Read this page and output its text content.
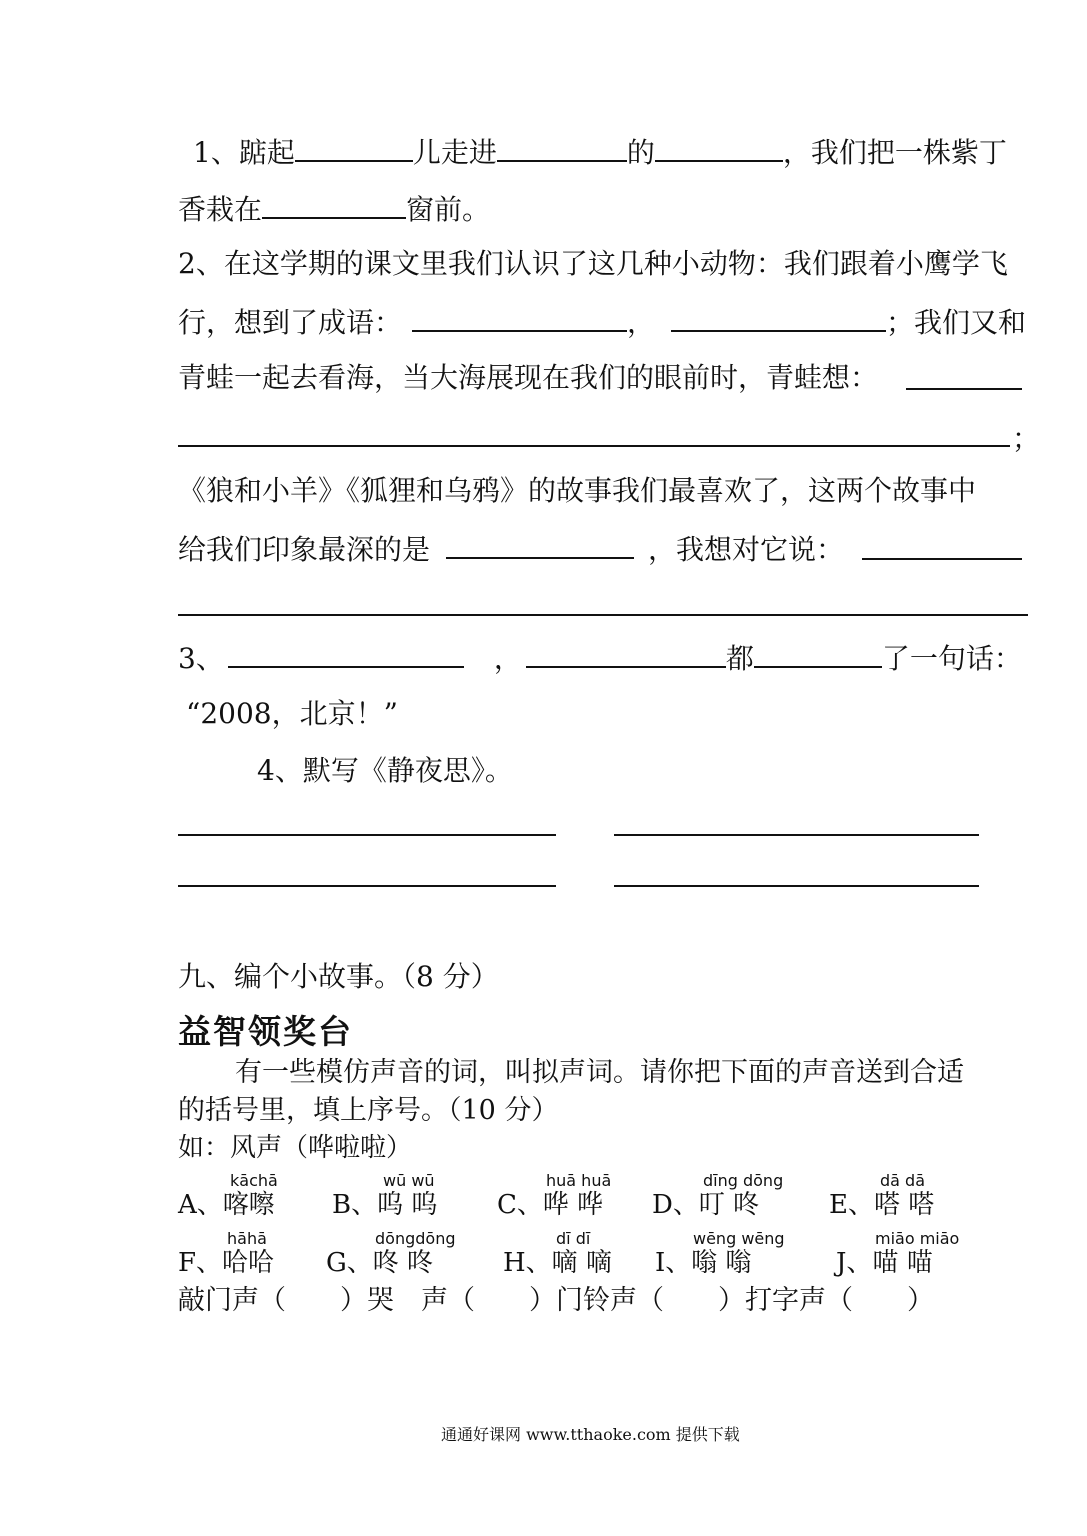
1、踮起	儿走进	的	，我们把一株紫丁
香栽在	窗前。
2、在这学期的课文里我们认识了这几种小动物：我们跟着小鹰学飞
行，想到了成语：	，	；我们又和
青蛙一起去看海，当大海展现在我们的眼前时，青蛙想：
；
《狼和小羊》《狐狸和乌鸦》的故事我们最喜欢了，这两个故事中
给我们印象最深的是	，我想对它说：
3、	，	都	了一句话：
“2008，北京！”
4、默写《静夜思》。
九、编个小故事。（8 分）
益智领奖台
有一些模仿声音的词，叫拟声词。请你把下面的声音送到合适
的括号里，填上序号。（10 分）
如：风声（哗啦啦）
kāchā
A、喀嚓
wū wū
B、呜 呜
huā huā
C、哗 哗
dīng dōng
D、叮 咚
dā dā
E、嗒 嗒
hāhā
F、哈哈
dōngdōng
G、咚 咚
dī dī
H、嘀 嘀
wēng wēng
I、嗡 嗡
miāo miāo
J、喵 喵
敲门声（　　）哭　声（　　）门铃声（　　）打字声（　　）
通通好课网 www.tthaoke.com 提供下载
